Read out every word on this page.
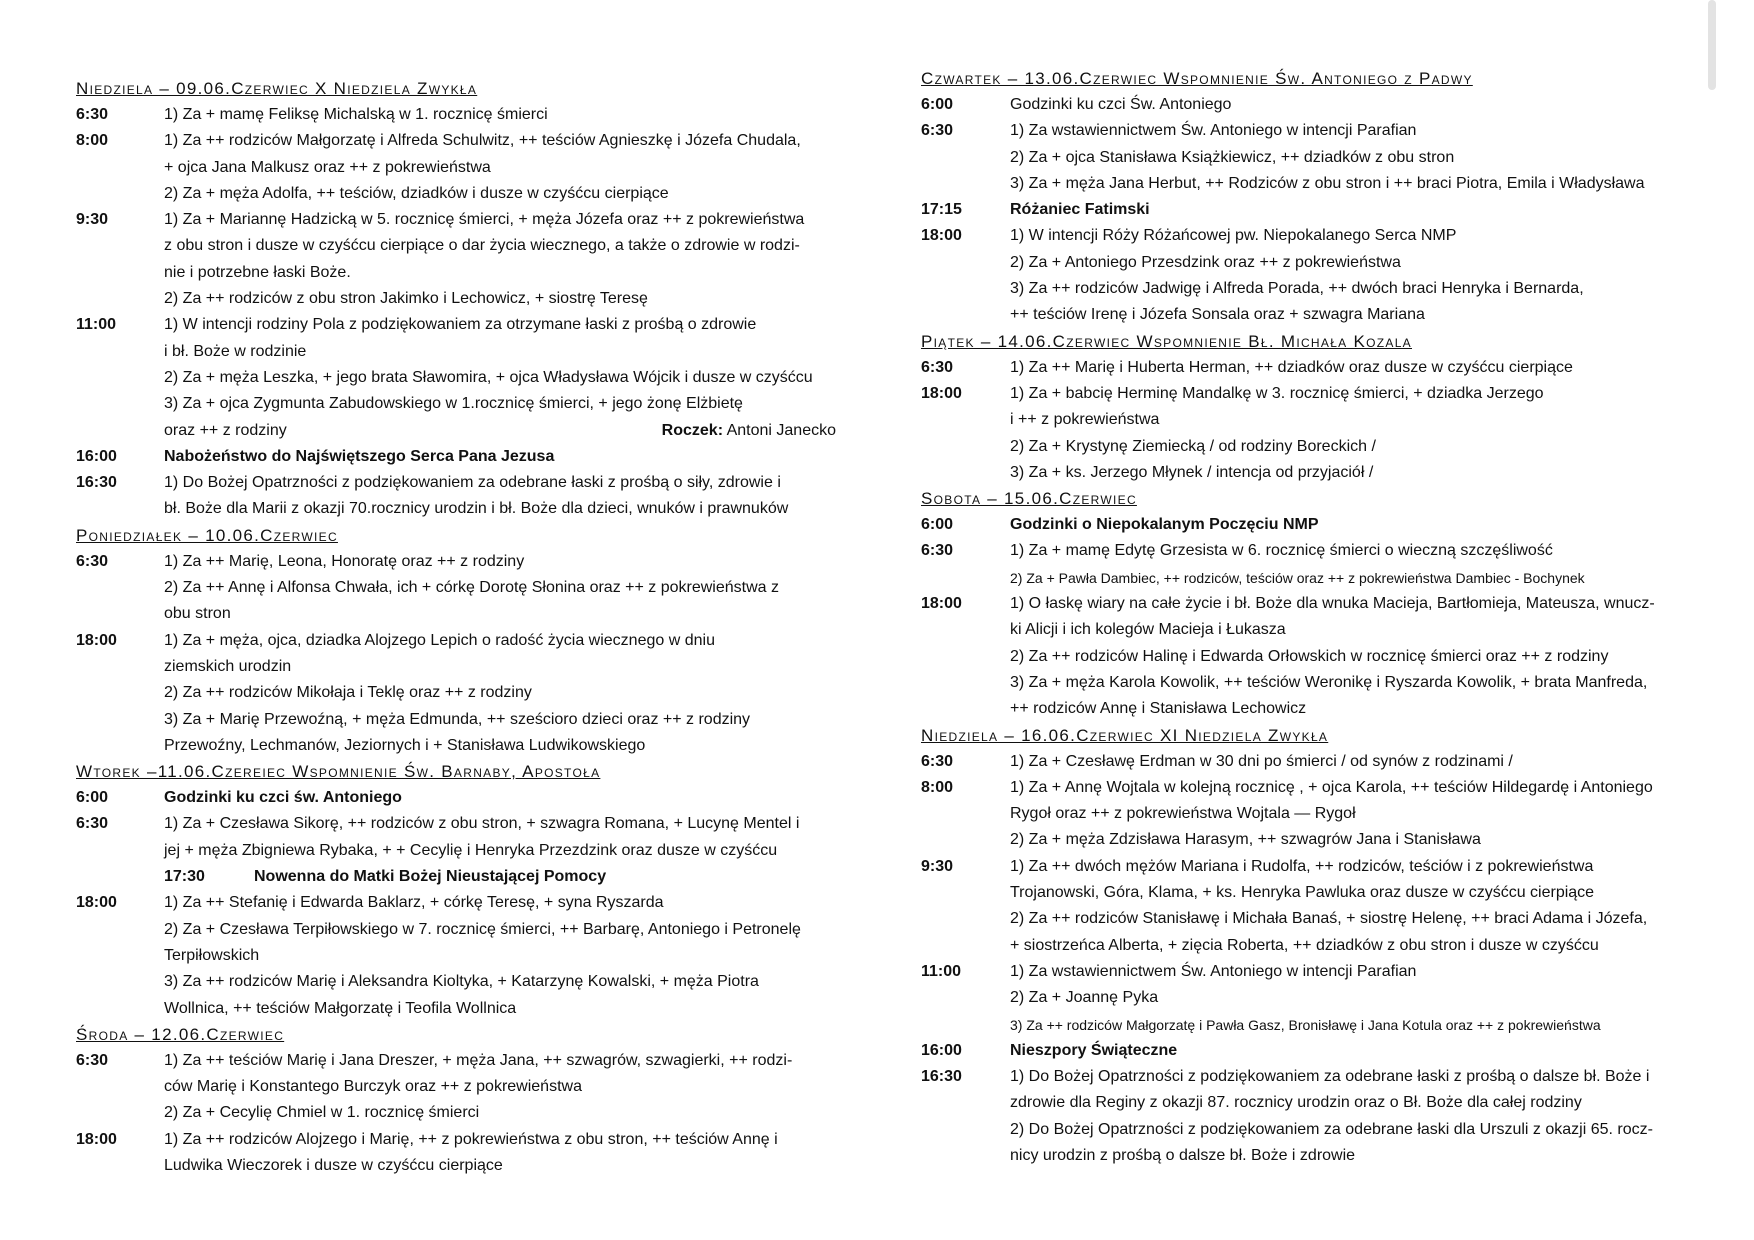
Niedziela – 09.06.Czerwiec X Niedziela Zwykła
6:30	1) Za + mamę Feliksę Michalską w 1. rocznicę śmierci
8:00	1) Za ++ rodziców Małgorzatę i Alfreda Schulwitz, ++ teściów Agnieszkę i Józefa Chudala,
+ ojca Jana Malkusz oraz ++ z pokrewieństwa
2) Za + męża Adolfa, ++ teściów, dziadków i dusze w czyśćcu cierpiące
9:30	1) Za + Mariannę Hadzicką w 5. rocznicę śmierci, + męża Józefa oraz ++ z pokrewieństwa
z obu stron i dusze w czyśćcu cierpiące o dar życia wiecznego, a także o zdrowie w rodzi-
nie i potrzebne łaski Boże.
2) Za ++ rodziców z obu stron Jakimko i Lechowicz, + siostrę Teresę
11:00	1) W intencji rodziny Pola z podziękowaniem za otrzymane łaski z prośbą o zdrowie
i bł. Boże w rodzinie
2) Za + męża Leszka, + jego brata Sławomira, + ojca Władysława Wójcik i dusze w czyśćcu
3) Za + ojca Zygmunta Zabudowskiego w 1.rocznicę śmierci, + jego żonę Elżbietę
oraz ++ z rodziny	Roczek: Antoni Janecko
16:00	Nabożeństwo do Najświętszego Serca Pana Jezusa
16:30	1) Do Bożej Opatrzności z podziękowaniem za odebrane łaski z prośbą o siły, zdrowie i
bł. Boże dla Marii z okazji 70.rocznicy urodzin i bł. Boże dla dzieci, wnuków i prawnuków
Poniedziałek – 10.06.Czerwiec
6:30	1) Za ++ Marię, Leona, Honoratę oraz ++ z rodziny
2) Za ++ Annę i Alfonsa Chwała, ich + córkę Dorotę Słonina oraz ++ z pokrewieństwa z
obu stron
18:00	1) Za + męża, ojca, dziadka Alojzego Lepich o radość życia wiecznego w dniu
ziemskich urodzin
2) Za ++ rodziców Mikołaja i Teklę oraz ++ z rodziny
3) Za + Marię Przewoźną, + męża Edmunda, ++ sześcioro dzieci oraz ++ z rodziny
Przewoźny, Lechmanów, Jeziornych i + Stanisława Ludwikowskiego
Wtorek –11.06.Czereiec Wspomnienie Św. Barnaby, Apostoła
6:00	Godzinki ku czci św. Antoniego
6:30	1) Za + Czesława Sikorę, ++ rodziców z obu stron, + szwagra Romana, + Lucynę Mentel i
jej + męża Zbigniewa Rybaka, + + Cecylię i Henryka Przezdzink oraz dusze w czyśćcu
17:30	Nowenna do Matki Bożej Nieustającej Pomocy
18:00	1) Za ++ Stefanię i Edwarda Baklarz, + córkę Teresę, + syna Ryszarda
2) Za + Czesława Terpiłowskiego w 7. rocznicę śmierci, ++ Barbarę, Antoniego i Petronelę
Terpiłowskich
3) Za ++ rodziców Marię i Aleksandra Kioltyka, + Katarzynę Kowalski, + męża Piotra
Wollnica, ++ teściów Małgorzatę i Teofila Wollnica
Środa – 12.06.Czerwiec
6:30	1) Za ++ teściów Marię i Jana Dreszer, + męża Jana, ++ szwagrów, szwagierki, ++ rodzi-
ców Marię i Konstantego Burczyk oraz ++ z pokrewieństwa
2) Za + Cecylię Chmiel w 1. rocznicę śmierci
18:00	1) Za ++ rodziców Alojzego i Marię, ++ z pokrewieństwa z obu stron, ++ teściów Annę i
Ludwika Wieczorek i dusze w czyśćcu cierpiące
Czwartek – 13.06.Czerwiec Wspomnienie Św. Antoniego z Padwy
6:00	Godzinki ku czci Św. Antoniego
6:30	1) Za wstawiennictwem Św. Antoniego w intencji Parafian
2) Za + ojca Stanisława Książkiewicz, ++ dziadków z obu stron
3) Za + męża Jana Herbut, ++ Rodziców z obu stron i ++ braci Piotra, Emila i Władysława
17:15	Różaniec Fatimski
18:00	1) W intencji Róży Różańcowej pw. Niepokalanego Serca NMP
2) Za + Antoniego Przesdzink oraz ++ z pokrewieństwa
3) Za ++ rodziców Jadwigę i Alfreda Porada, ++ dwóch braci Henryka i Bernarda,
++ teściów Irenę i Józefa Sonsala oraz + szwagra Mariana
Piątek – 14.06.Czerwiec Wspomnienie Bł. Michała Kozala
6:30	1) Za ++ Marię i Huberta Herman, ++ dziadków oraz dusze w czyśćcu cierpiące
18:00	1) Za + babcię Herminę Mandalkę w 3. rocznicę śmierci, + dziadka Jerzego
i ++ z pokrewieństwa
2) Za + Krystynę Ziemiecką / od rodziny Boreckich /
3) Za + ks. Jerzego Młynek / intencja od przyjaciół /
Sobota – 15.06.Czerwiec
6:00	Godzinki o Niepokalanym Poczęciu NMP
6:30	1) Za + mamę Edytę Grzesista w 6. rocznicę śmierci o wieczną szczęśliwość
2) Za + Pawła Dambiec, ++ rodziców, teściów oraz ++ z pokrewieństwa Dambiec - Bochynek
18:00	1) O łaskę wiary na całe życie i bł. Boże dla wnuka Macieja, Bartłomieja, Mateusza, wnucz-
ki Alicji i ich kolegów Macieja i Łukasza
2) Za ++ rodziców Halinę i Edwarda Orłowskich w rocznicę śmierci oraz ++ z rodziny
3) Za + męża Karola Kowolik, ++ teściów Weronikę i Ryszarda Kowolik, + brata Manfreda,
++ rodziców Annę i Stanisława Lechowicz
Niedziela – 16.06.Czerwiec XI Niedziela Zwykła
6:30	1) Za + Czesławę Erdman w 30 dni po śmierci / od synów z rodzinami /
8:00	1) Za + Annę Wojtala w kolejną rocznicę , + ojca Karola, ++ teściów Hildegardę i Antoniego
Rygoł oraz ++ z pokrewieństwa Wojtala — Rygoł
2) Za + męża Zdzisława Harasym, ++ szwagrów Jana i Stanisława
9:30	1) Za ++ dwóch mężów Mariana i Rudolfa, ++ rodziców, teściów i z pokrewieństwa
Trojanowski, Góra, Klama, + ks. Henryka Pawluka oraz dusze w czyśćcu cierpiące
2) Za ++ rodziców Stanisławę i Michała Banaś, + siostrę Helenę, ++ braci Adama i Józefa,
+ siostrzeńca Alberta, + zięcia Roberta, ++ dziadków z obu stron i dusze w czyśćcu
11:00	1) Za wstawiennictwem Św. Antoniego w intencji Parafian
2) Za + Joannę Pyka
3) Za ++ rodziców Małgorzatę i Pawła Gasz, Bronisławę i Jana Kotula oraz ++ z pokrewieństwa
16:00	Nieszpory Świąteczne
16:30	1) Do Bożej Opatrzności z podziękowaniem za odebrane łaski z prośbą o dalsze bł. Boże i
zdrowie dla Reginy z okazji 87. rocznicy urodzin oraz o Bł. Boże dla całej rodziny
2) Do Bożej Opatrzności z podziękowaniem za odebrane łaski dla Urszuli z okazji 65. rocz-
nicy urodzin z prośbą o dalsze bł. Boże i zdrowie
